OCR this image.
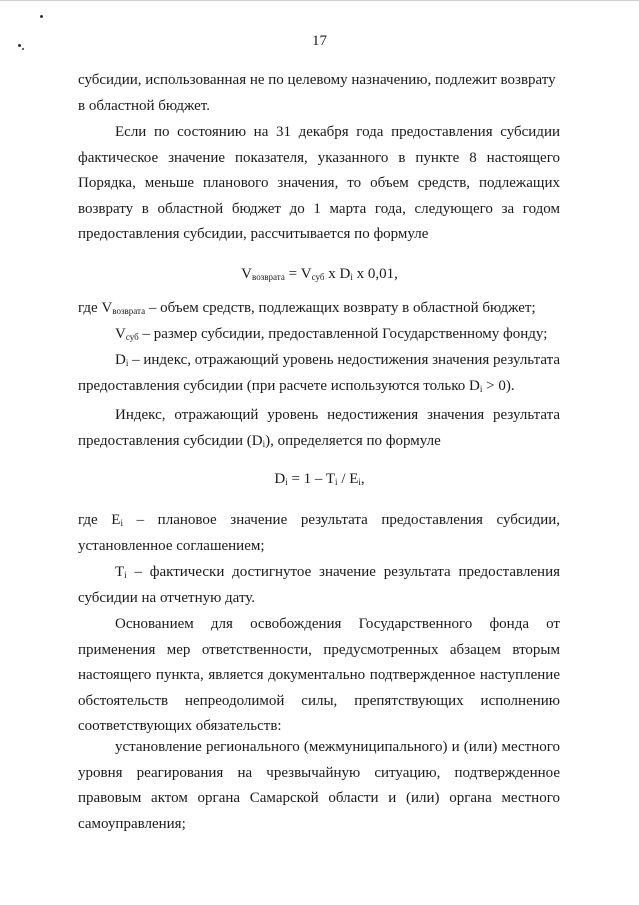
17

субсидии, использованная не по целевому назначению, подлежит возврату
в областной бюджет.

Если по состоянию на 31 декабря года предоставления субсидии фактическое значение показателя, указанного в пункте 8 настоящего Порядка, меньше планового значения, то объем средств, подлежащих возврату в областной бюджет до 1 марта года, следующего за годом предоставления субсидии, рассчитывается по формуле

$V_{возврата} = V_{суб}$ x $D_i$ x 0,01,

где $V_{возврата}$ – объем средств, подлежащих возврату в областной бюджет;

$V_{суб}$ – размер субсидии, предоставленной Государственному фонду;

$D_i$ – индекс, отражающий уровень недостижения значения результата предоставления субсидии (при расчете используются только $D_i > 0$).

Индекс, отражающий уровень недостижения значения результата предоставления субсидии $(D_i)$, определяется по формуле

$D_i = 1 - T_i / E_i$,

где $E_i$ – плановое значение результата предоставления субсидии, установленное соглашением;

$T_i$ – фактически достигнутое значение результата предоставления субсидии на отчетную дату.

Основанием для освобождения Государственного фонда от применения мер ответственности, предусмотренных абзацем вторым настоящего пункта, является документально подтвержденное наступление обстоятельств непреодолимой силы, препятствующих исполнению соответствующих обязательств:

установление регионального (межмуниципального) и (или) местного уровня реагирования на чрезвычайную ситуацию, подтвержденное правовым актом органа Самарской области и (или) органа местного самоуправления;
